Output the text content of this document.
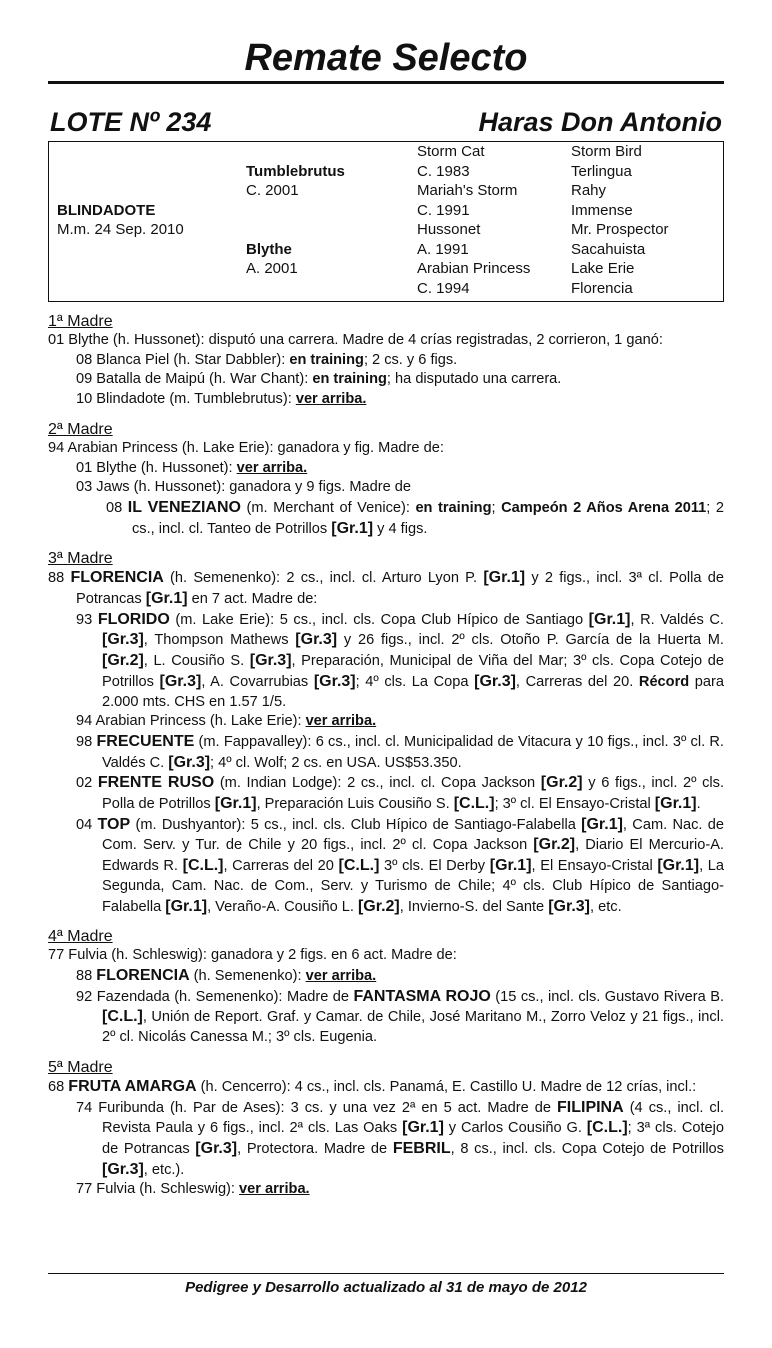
Remate Selecto
LOTE Nº 234	Haras Don Antonio
BLINDADOTE
M.m. 24 Sep. 2010
Tumblebrutus
C. 2001
Blythe
A. 2001
Storm Cat
C. 1983
Mariah's Storm
C. 1991
Hussonet
A. 1991
Arabian Princess
C. 1994
Storm Bird
Terlingua
Rahy
Immense
Mr. Prospector
Sacahuista
Lake Erie
Florencia
1ª Madre
01 Blythe (h. Hussonet): disputó una carrera. Madre de 4 crías registradas, 2 corrieron, 1 ganó:
08 Blanca Piel (h. Star Dabbler): en training; 2 cs. y 6 figs.
09 Batalla de Maipú (h. War Chant): en training; ha disputado una carrera.
10 Blindadote (m. Tumblebrutus): ver arriba.
2ª Madre
94 Arabian Princess (h. Lake Erie): ganadora y fig. Madre de:
01 Blythe (h. Hussonet): ver arriba.
03 Jaws (h. Hussonet): ganadora y 9 figs. Madre de
08 IL VENEZIANO (m. Merchant of Venice): en training; Campeón 2 Años Arena 2011; 2 cs., incl. cl. Tanteo de Potrillos [Gr.1] y 4 figs.
3ª Madre
88 FLORENCIA (h. Semenenko): 2 cs., incl. cl. Arturo Lyon P. [Gr.1] y 2 figs., incl. 3ª cl. Polla de Potrancas [Gr.1] en 7 act. Madre de:
93 FLORIDO (m. Lake Erie): 5 cs., incl. cls. Copa Club Hípico de Santiago [Gr.1], R. Valdés C. [Gr.3], Thompson Mathews [Gr.3] y 26 figs., incl. 2º cls. Otoño P. García de la Huerta M. [Gr.2], L. Cousiño S. [Gr.3], Preparación, Municipal de Viña del Mar; 3º cls. Copa Cotejo de Potrillos [Gr.3], A. Covarrubias [Gr.3]; 4º cls. La Copa [Gr.3], Carreras del 20. Récord para 2.000 mts. CHS en 1.57 1/5.
94 Arabian Princess (h. Lake Erie): ver arriba.
98 FRECUENTE (m. Fappavalley): 6 cs., incl. cl. Municipalidad de Vitacura y 10 figs., incl. 3º cl. R. Valdés C. [Gr.3]; 4º cl. Wolf; 2 cs. en USA. US$53.350.
02 FRENTE RUSO (m. Indian Lodge): 2 cs., incl. cl. Copa Jackson [Gr.2] y 6 figs., incl. 2º cls. Polla de Potrillos [Gr.1], Preparación Luis Cousiño S. [C.L.]; 3º cl. El Ensayo-Cristal [Gr.1].
04 TOP (m. Dushyantor): 5 cs., incl. cls. Club Hípico de Santiago-Falabella [Gr.1], Cam. Nac. de Com. Serv. y Tur. de Chile y 20 figs., incl. 2º cl. Copa Jackson [Gr.2], Diario El Mercurio-A. Edwards R. [C.L.], Carreras del 20 [C.L.] 3º cls. El Derby [Gr.1], El Ensayo-Cristal [Gr.1], La Segunda, Cam. Nac. de Com., Serv. y Turismo de Chile; 4º cls. Club Hípico de Santiago-Falabella [Gr.1], Veraño-A. Cousiño L. [Gr.2], Invierno-S. del Sante [Gr.3], etc.
4ª Madre
77 Fulvia (h. Schleswig): ganadora y 2 figs. en 6 act. Madre de:
88 FLORENCIA (h. Semenenko): ver arriba.
92 Fazendada (h. Semenenko): Madre de FANTASMA ROJO (15 cs., incl. cls. Gustavo Rivera B. [C.L.], Unión de Report. Graf. y Camar. de Chile, José Maritano M., Zorro Veloz y 21 figs., incl. 2º cl. Nicolás Canessa M.; 3º cls. Eugenia.
5ª Madre
68 FRUTA AMARGA (h. Cencerro): 4 cs., incl. cls. Panamá, E. Castillo U. Madre de 12 crías, incl.:
74 Furibunda (h. Par de Ases): 3 cs. y una vez 2ª en 5 act. Madre de FILIPINA (4 cs., incl. cl. Revista Paula y 6 figs., incl. 2ª cls. Las Oaks [Gr.1] y Carlos Cousiño G. [C.L.]; 3ª cls. Cotejo de Potrancas [Gr.3], Protectora. Madre de FEBRIL, 8 cs., incl. cls. Copa Cotejo de Potrillos [Gr.3], etc.).
77 Fulvia (h. Schleswig): ver arriba.
Pedigree y Desarrollo actualizado al 31 de mayo de 2012
